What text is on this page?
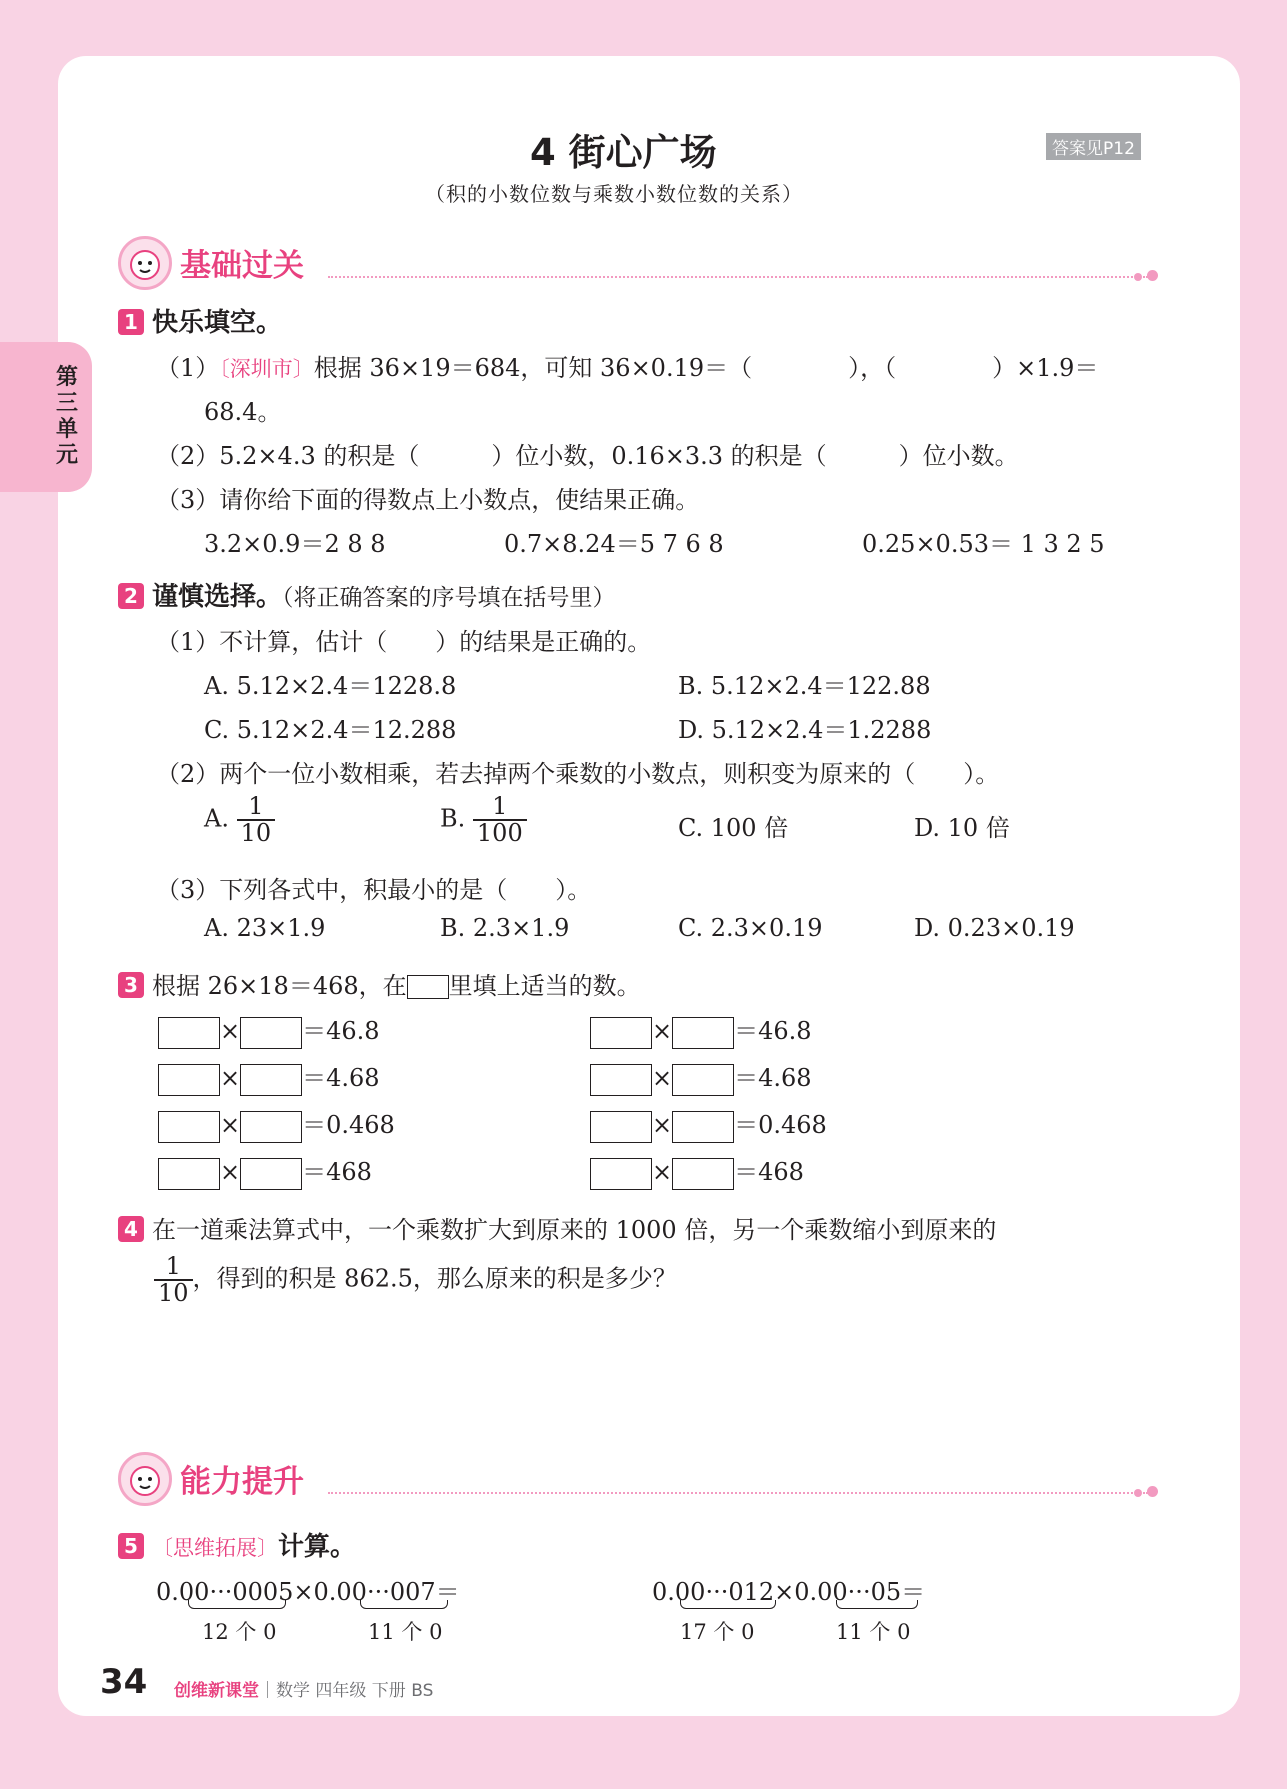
第三单元
4 街心广场
（积的小数位数与乘数小数位数的关系）
答案见P12
基础过关

1 快乐填空。
（1）〔深圳市〕根据 36×19＝684，可知 36×0.19＝（　　　　），（　　　　）×1.9＝
68.4。
（2）5.2×4.3 的积是（　　　）位小数，0.16×3.3 的积是（　　　）位小数。
（3）请你给下面的得数点上小数点，使结果正确。
3.2×0.9＝2 8 8	0.7×8.24＝5 7 6 8	0.25×0.53＝ 1 3 2 5
2 谨慎选择。（将正确答案的序号填在括号里）
（1）不计算，估计（　　）的结果是正确的。
A. 5.12×2.4＝1228.8	B. 5.12×2.4＝122.88
C. 5.12×2.4＝12.288	D. 5.12×2.4＝1.2288
（2）两个一位小数相乘，若去掉两个乘数的小数点，则积变为原来的（　　）。
A. $\frac{1}{10}$	B. $\frac{1}{100}$	C. 100 倍	D. 10 倍
（3）下列各式中，积最小的是（　　）。
A. 23×1.9	B. 2.3×1.9	C. 2.3×0.19	D. 0.23×0.19
3 根据 26×18＝468，在 里填上适当的数。
×	＝46.8
×	＝4.68
×	＝0.468
×	＝468
×	＝46.8
×	＝4.68
×	＝0.468
×	＝468
4 在一道乘法算式中，一个乘数扩大到原来的 1000 倍，另一个乘数缩小到原来的
$\frac{1}{10}$ ，得到的积是 862.5，那么原来的积是多少？
能力提升

5 〔思维拓展〕计算。
0.00···0005×0.00···007＝
12 个 0	11 个 0
0.00···012×0.00···05＝
17 个 0	11 个 0
34 创维新课堂｜数学 四年级 下册 BS
